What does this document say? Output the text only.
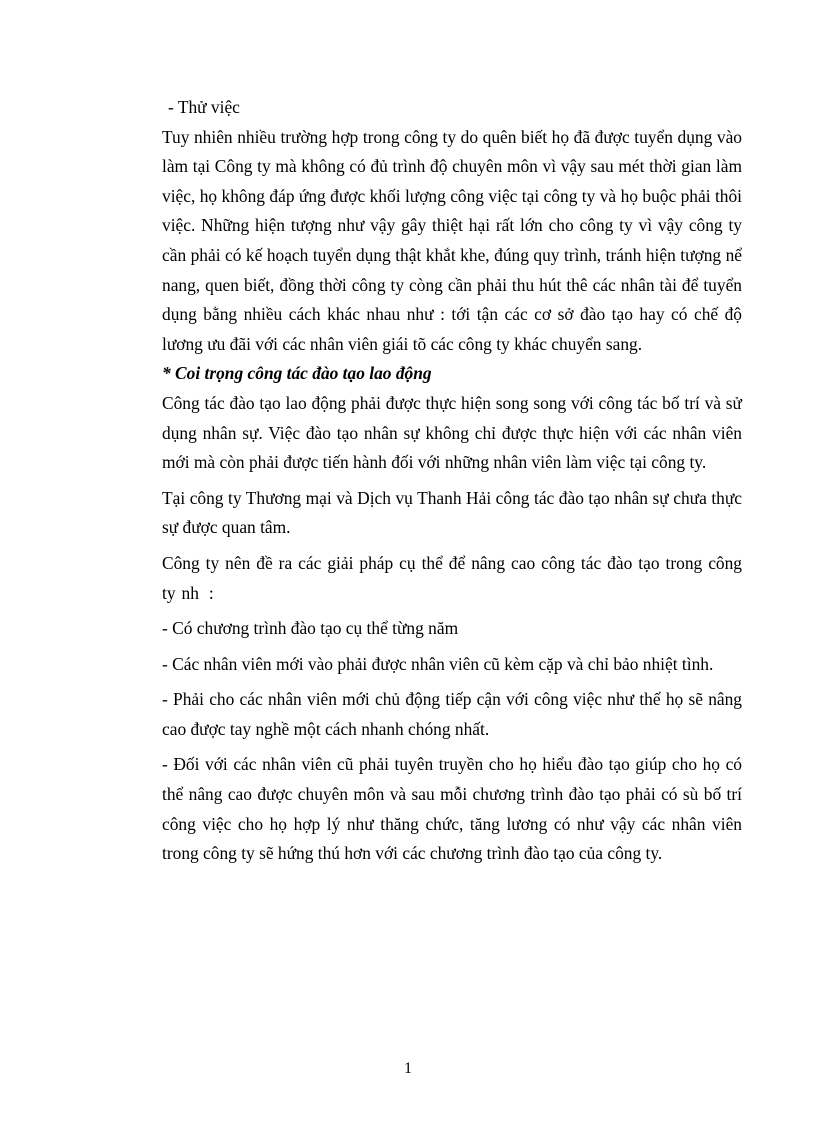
- Thử việc

Tuy nhiên nhiều trường hợp trong công ty do quên biết họ đã được tuyển dụng vào làm tại Công ty mà không có đủ trình độ chuyên môn vì vậy sau mét thời gian làm việc, họ không đáp ứng được khối lượng công việc tại công ty và họ buộc phải thôi việc. Những hiện tượng như vậy gây thiệt hại rất lớn cho công ty vì vậy công ty cần phải có kế hoạch tuyển dụng thật khắt khe, đúng quy trình, tránh hiện tượng nể nang, quen biết, đồng thời công ty còng cần phải thu hút thê các nhân tài để tuyển dụng bằng nhiều cách khác nhau như : tới tận các cơ sở đào tạo hay có chế độ lương ưu đãi với các nhân viên giái tõ các công ty khác chuyển sang.

* Coi trọng công tác đào tạo lao động

Công tác đào tạo lao động phải được thực hiện song song với công tác bố trí và sử dụng nhân sự. Việc đào tạo nhân sự không chỉ được thực hiện với các nhân viên mới mà còn phải được tiến hành đối với những nhân viên làm việc tại công ty.

Tại công ty Thương mại và Dịch vụ Thanh Hải công tác đào tạo nhân sự chưa thực sự được quan tâm.

Công ty nên đề ra các giải pháp cụ thể để nâng cao công tác đào tạo trong công ty nh :

- Có chương trình đào tạo cụ thể từng năm

- Các nhân viên mới vào phải được nhân viên cũ kèm cặp và chỉ bảo nhiệt tình.

- Phải cho các nhân viên mới chủ động tiếp cận với công việc như thế họ sẽ nâng cao được tay nghề một cách nhanh chóng nhất.

- Đối với các nhân viên cũ phải tuyên truyền cho họ hiểu đào tạo giúp cho họ có thể nâng cao được chuyên môn và sau mỗi chương trình đào tạo phải có sù bố trí công việc cho họ hợp lý như thăng chức, tăng lương có như vậy các nhân viên trong công ty sẽ hứng thú hơn với các chương trình đào tạo của công ty.

1
